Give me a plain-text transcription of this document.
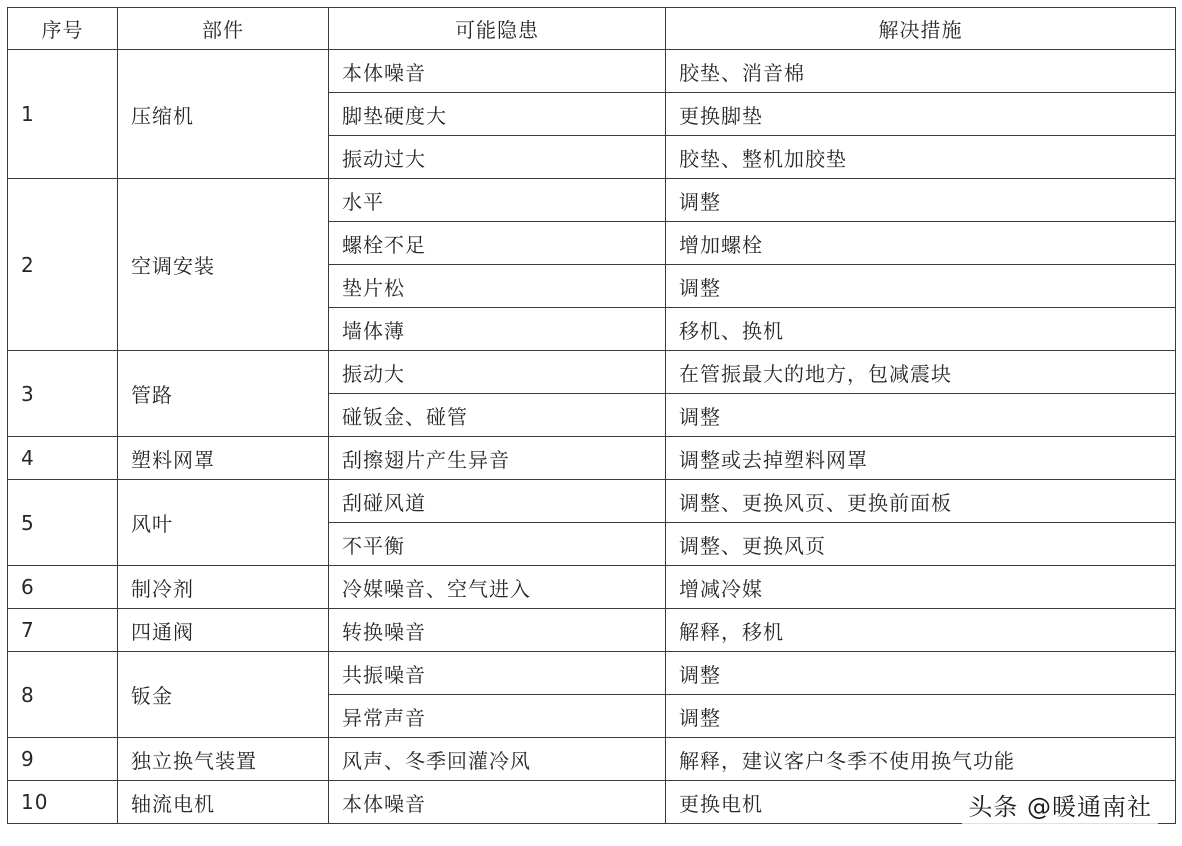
序号	部件	可能隐患	解决措施
1	压缩机	本体噪音	胶垫、消音棉
		脚垫硬度大	更换脚垫
		振动过大	胶垫、整机加胶垫
2	空调安装	水平	调整
		螺栓不足	增加螺栓
		垫片松	调整
		墙体薄	移机、换机
3	管路	振动大	在管振最大的地方，包减震块
		碰钣金、碰管	调整
4	塑料网罩	刮擦翅片产生异音	调整或去掉塑料网罩
5	风叶	刮碰风道	调整、更换风页、更换前面板
		不平衡	调整、更换风页
6	制冷剂	冷媒噪音、空气进入	增减冷媒
7	四通阀	转换噪音	解释，移机
8	钣金	共振噪音	调整
		异常声音	调整
9	独立换气装置	风声、冬季回灌冷风	解释，建议客户冬季不使用换气功能
10	轴流电机	本体噪音	更换电机	头条 @暖通南社
